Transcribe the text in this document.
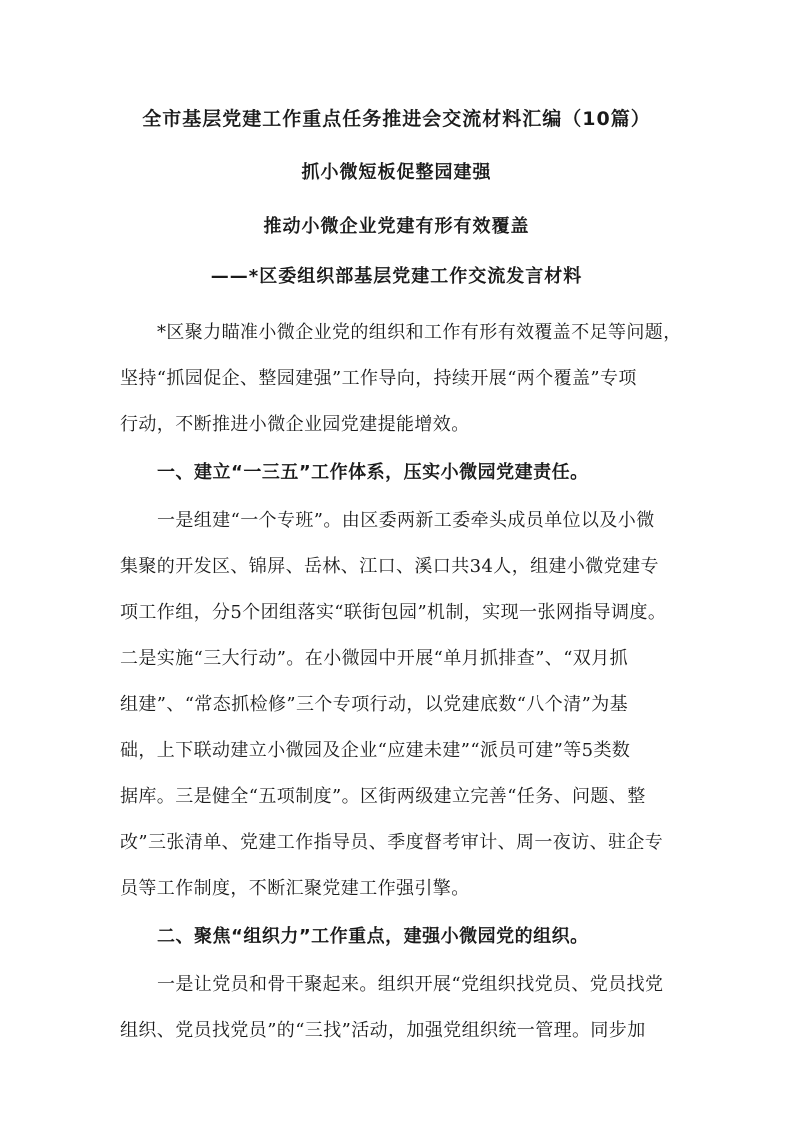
全市基层党建工作重点任务推进会交流材料汇编（10篇）
抓小微短板促整园建强
推动小微企业党建有形有效覆盖
——*区委组织部基层党建工作交流发言材料
*区聚力瞄准小微企业党的组织和工作有形有效覆盖不足等问题，
坚持“抓园促企、整园建强”工作导向，持续开展“两个覆盖”专项
行动，不断推进小微企业园党建提能增效。
一、建立“一三五”工作体系，压实小微园党建责任。
一是组建“一个专班”。由区委两新工委牵头成员单位以及小微
集聚的开发区、锦屏、岳林、江口、溪口共34人，组建小微党建专
项工作组，分5个团组落实“联街包园”机制，实现一张网指导调度。
二是实施“三大行动”。在小微园中开展“单月抓排查”、“双月抓
组建”、“常态抓检修”三个专项行动，以党建底数“八个清”为基
础，上下联动建立小微园及企业“应建未建”“派员可建”等5类数
据库。三是健全“五项制度”。区街两级建立完善“任务、问题、整
改”三张清单、党建工作指导员、季度督考审计、周一夜访、驻企专
员等工作制度，不断汇聚党建工作强引擎。
二、聚焦“组织力”工作重点，建强小微园党的组织。
一是让党员和骨干聚起来。组织开展“党组织找党员、党员找党
组织、党员找党员”的“三找”活动，加强党组织统一管理。同步加
